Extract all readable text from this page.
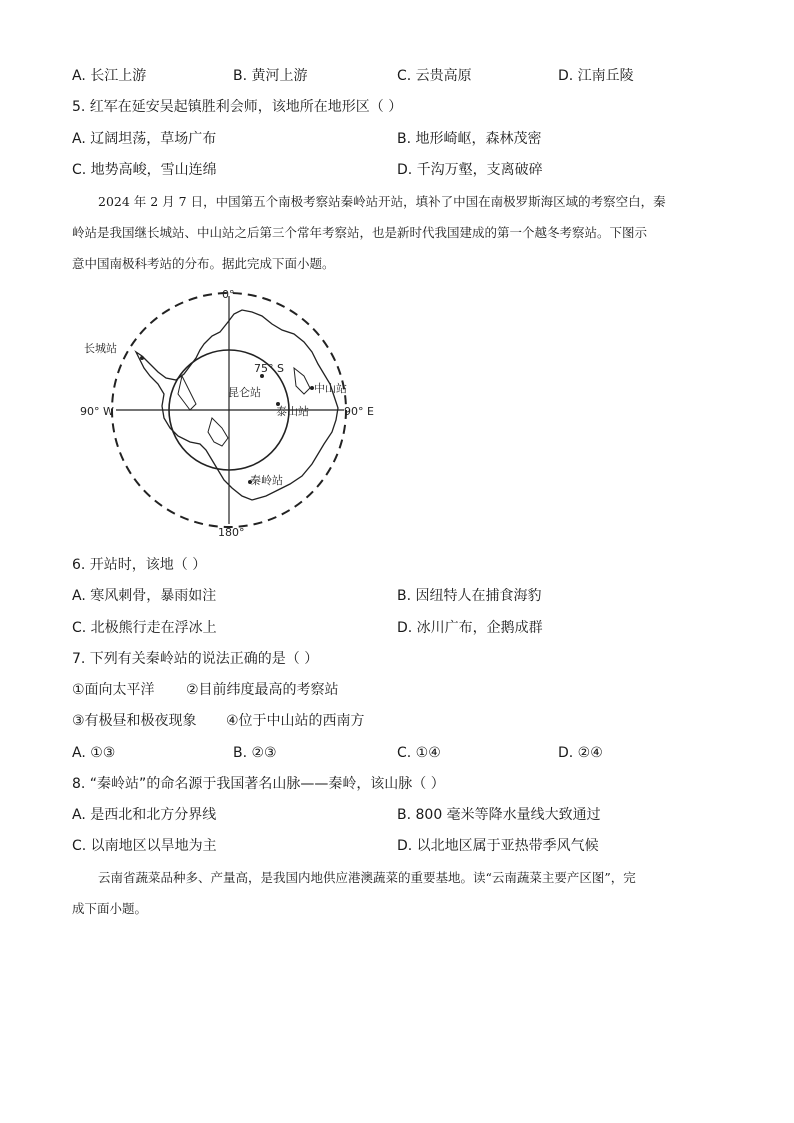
A. 长江上游	B. 黄河上游	C. 云贵高原	D. 江南丘陵
5. 红军在延安吴起镇胜利会师，该地所在地形区（ ）
A. 辽阔坦荡，草场广布	B. 地形崎岖，森林茂密
C. 地势高峻，雪山连绵	D. 千沟万壑，支离破碎
2024 年 2 月 7 日，中国第五个南极考察站秦岭站开站，填补了中国在南极罗斯海区域的考察空白，秦
岭站是我国继长城站、中山站之后第三个常年考察站，也是新时代我国建成的第一个越冬考察站。下图示
意中国南极科考站的分布。据此完成下面小题。
0°
180°
90° W	90° E
75° S
长城站
中山站
昆仑站
泰山站
秦岭站
6. 开站时，该地（ ）
A. 寒风刺骨，暴雨如注	B. 因纽特人在捕食海豹
C. 北极熊行走在浮冰上	D. 冰川广布，企鹅成群
7. 下列有关秦岭站的说法正确的是（ ）
①面向太平洋 ②目前纬度最高的考察站
③有极昼和极夜现象 ④位于中山站的西南方
A. ①③	B. ②③	C. ①④	D. ②④
8. “秦岭站”的命名源于我国著名山脉——秦岭，该山脉（ ）
A. 是西北和北方分界线	B. 800 毫米等降水量线大致通过
C. 以南地区以旱地为主	D. 以北地区属于亚热带季风气候
云南省蔬菜品种多、产量高，是我国内地供应港澳蔬菜的重要基地。读“云南蔬菜主要产区图”，完
成下面小题。
